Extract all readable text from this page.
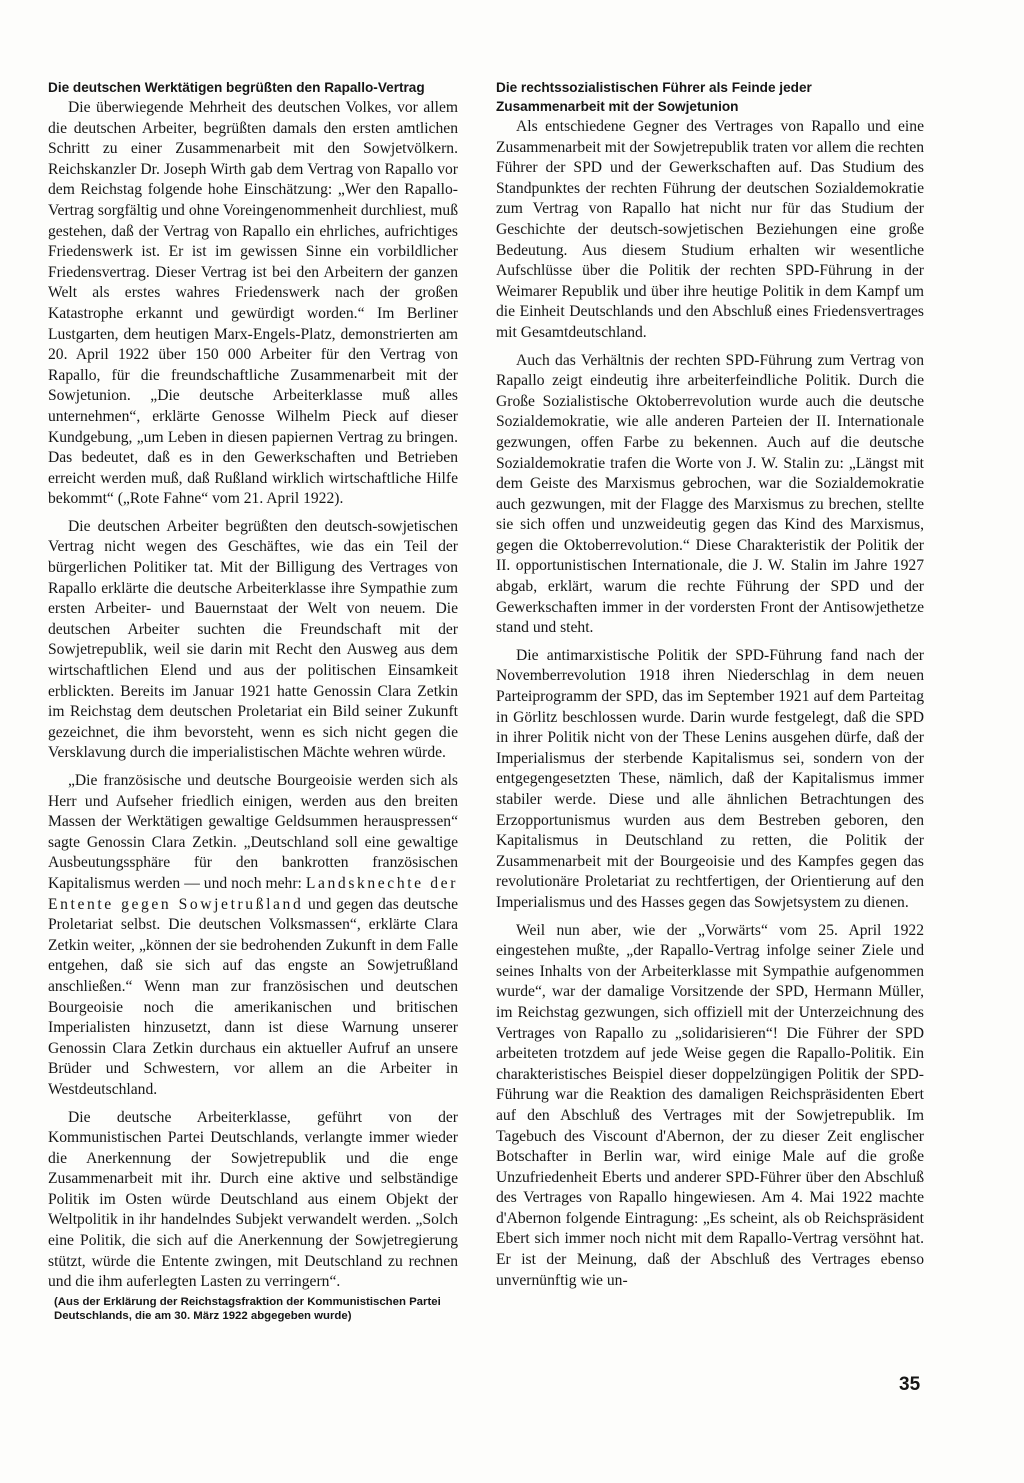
Die deutschen Werktätigen begrüßten den Rapallo-Vertrag

Die überwiegende Mehrheit des deutschen Volkes, vor allem die deutschen Arbeiter, begrüßten damals den ersten amtlichen Schritt zu einer Zusammenarbeit mit den Sowjetvölkern. Reichskanzler Dr. Joseph Wirth gab dem Vertrag von Rapallo vor dem Reichstag folgende hohe Einschätzung: „Wer den Rapallo-Vertrag sorgfältig und ohne Voreingenommenheit durchliest, muß gestehen, daß der Vertrag von Rapallo ein ehrliches, aufrichtiges Friedenswerk ist. Er ist im gewissen Sinne ein vorbildlicher Friedensvertrag. Dieser Vertrag ist bei den Arbeitern der ganzen Welt als erstes wahres Friedenswerk nach der großen Katastrophe erkannt und gewürdigt worden.“ Im Berliner Lustgarten, dem heutigen Marx-Engels-Platz, demonstrierten am 20. April 1922 über 150 000 Arbeiter für den Vertrag von Rapallo, für die freundschaftliche Zusammenarbeit mit der Sowjetunion. „Die deutsche Arbeiterklasse muß alles unternehmen“, erklärte Genosse Wilhelm Pieck auf dieser Kundgebung, „um Leben in diesen papiernen Vertrag zu bringen. Das bedeutet, daß es in den Gewerkschaften und Betrieben erreicht werden muß, daß Rußland wirklich wirtschaftliche Hilfe bekommt“ („Rote Fahne“ vom 21. April 1922).

Die deutschen Arbeiter begrüßten den deutsch-sowjetischen Vertrag nicht wegen des Geschäftes, wie das ein Teil der bürgerlichen Politiker tat. Mit der Billigung des Vertrages von Rapallo erklärte die deutsche Arbeiterklasse ihre Sympathie zum ersten Arbeiter- und Bauernstaat der Welt von neuem. Die deutschen Arbeiter suchten die Freundschaft mit der Sowjetrepublik, weil sie darin mit Recht den Ausweg aus dem wirtschaftlichen Elend und aus der politischen Einsamkeit erblickten. Bereits im Januar 1921 hatte Genossin Clara Zetkin im Reichstag dem deutschen Proletariat ein Bild seiner Zukunft gezeichnet, die ihm bevorsteht, wenn es sich nicht gegen die Versklavung durch die imperialistischen Mächte wehren würde.

„Die französische und deutsche Bourgeoisie werden sich als Herr und Aufseher friedlich einigen, werden aus den breiten Massen der Werktätigen gewaltige Geldsummen herauspressen“ sagte Genossin Clara Zetkin. „Deutschland soll eine gewaltige Ausbeutungssphäre für den bankrotten französischen Kapitalismus werden — und noch mehr: Landsknechte der Entente gegen Sowjetrußland und gegen das deutsche Proletariat selbst. Die deutschen Volksmassen“, erklärte Clara Zetkin weiter, „können der sie bedrohenden Zukunft in dem Falle entgehen, daß sie sich auf das engste an Sowjetrußland anschließen.“ Wenn man zur französischen und deutschen Bourgeoisie noch die amerikanischen und britischen Imperialisten hinzusetzt, dann ist diese Warnung unserer Genossin Clara Zetkin durchaus ein aktueller Aufruf an unsere Brüder und Schwestern, vor allem an die Arbeiter in Westdeutschland.

Die deutsche Arbeiterklasse, geführt von der Kommunistischen Partei Deutschlands, verlangte immer wieder die Anerkennung der Sowjetrepublik und die enge Zusammenarbeit mit ihr. Durch eine aktive und selbständige Politik im Osten würde Deutschland aus einem Objekt der Weltpolitik in ihr handelndes Subjekt verwandelt werden. „Solch eine Politik, die sich auf die Anerkennung der Sowjetregierung stützt, würde die Entente zwingen, mit Deutschland zu rechnen und die ihm auferlegten Lasten zu verringern“.

(Aus der Erklärung der Reichstagsfraktion der Kommunistischen Partei Deutschlands, die am 30. März 1922 abgegeben wurde)
Die rechtssozialistischen Führer als Feinde jeder Zusammenarbeit mit der Sowjetunion

Als entschiedene Gegner des Vertrages von Rapallo und eine Zusammenarbeit mit der Sowjetrepublik traten vor allem die rechten Führer der SPD und der Gewerkschaften auf. Das Studium des Standpunktes der rechten Führung der deutschen Sozialdemokratie zum Vertrag von Rapallo hat nicht nur für das Studium der Geschichte der deutsch-sowjetischen Beziehungen eine große Bedeutung. Aus diesem Studium erhalten wir wesentliche Aufschlüsse über die Politik der rechten SPD-Führung in der Weimarer Republik und über ihre heutige Politik in dem Kampf um die Einheit Deutschlands und den Abschluß eines Friedensvertrages mit Gesamtdeutschland.

Auch das Verhältnis der rechten SPD-Führung zum Vertrag von Rapallo zeigt eindeutig ihre arbeiterfeindliche Politik. Durch die Große Sozialistische Oktoberrevolution wurde auch die deutsche Sozialdemokratie, wie alle anderen Parteien der II. Internationale gezwungen, offen Farbe zu bekennen. Auch auf die deutsche Sozialdemokratie trafen die Worte von J. W. Stalin zu: „Längst mit dem Geiste des Marxismus gebrochen, war die Sozialdemokratie auch gezwungen, mit der Flagge des Marxismus zu brechen, stellte sie sich offen und unzweideutig gegen das Kind des Marxismus, gegen die Oktoberrevolution.“ Diese Charakteristik der Politik der II. opportunistischen Internationale, die J. W. Stalin im Jahre 1927 abgab, erklärt, warum die rechte Führung der SPD und der Gewerkschaften immer in der vordersten Front der Antisowjethetze stand und steht.

Die antimarxistische Politik der SPD-Führung fand nach der Novemberrevolution 1918 ihren Niederschlag in dem neuen Parteiprogramm der SPD, das im September 1921 auf dem Parteitag in Görlitz beschlossen wurde. Darin wurde festgelegt, daß die SPD in ihrer Politik nicht von der These Lenins ausgehen dürfe, daß der Imperialismus der sterbende Kapitalismus sei, sondern von der entgegengesetzten These, nämlich, daß der Kapitalismus immer stabiler werde. Diese und alle ähnlichen Betrachtungen des Erzopportunismus wurden aus dem Bestreben geboren, den Kapitalismus in Deutschland zu retten, die Politik der Zusammenarbeit mit der Bourgeoisie und des Kampfes gegen das revolutionäre Proletariat zu rechtfertigen, der Orientierung auf den Imperialismus und des Hasses gegen das Sowjetsystem zu dienen.

Weil nun aber, wie der „Vorwärts“ vom 25. April 1922 eingestehen mußte, „der Rapallo-Vertrag infolge seiner Ziele und seines Inhalts von der Arbeiterklasse mit Sympathie aufgenommen wurde“, war der damalige Vorsitzende der SPD, Hermann Müller, im Reichstag gezwungen, sich offiziell mit der Unterzeichnung des Vertrages von Rapallo zu „solidarisieren“! Die Führer der SPD arbeiteten trotzdem auf jede Weise gegen die Rapallo-Politik. Ein charakteristisches Beispiel dieser doppelzüngigen Politik der SPD-Führung war die Reaktion des damaligen Reichspräsidenten Ebert auf den Abschluß des Vertrages mit der Sowjetrepublik. Im Tagebuch des Viscount d'Abernon, der zu dieser Zeit englischer Botschafter in Berlin war, wird einige Male auf die große Unzufriedenheit Eberts und anderer SPD-Führer über den Abschluß des Vertrages von Rapallo hingewiesen. Am 4. Mai 1922 machte d'Abernon folgende Eintragung: „Es scheint, als ob Reichspräsident Ebert sich immer noch nicht mit dem Rapallo-Vertrag versöhnt hat. Er ist der Meinung, daß der Abschluß des Vertrages ebenso unvernünftig wie un-

35
